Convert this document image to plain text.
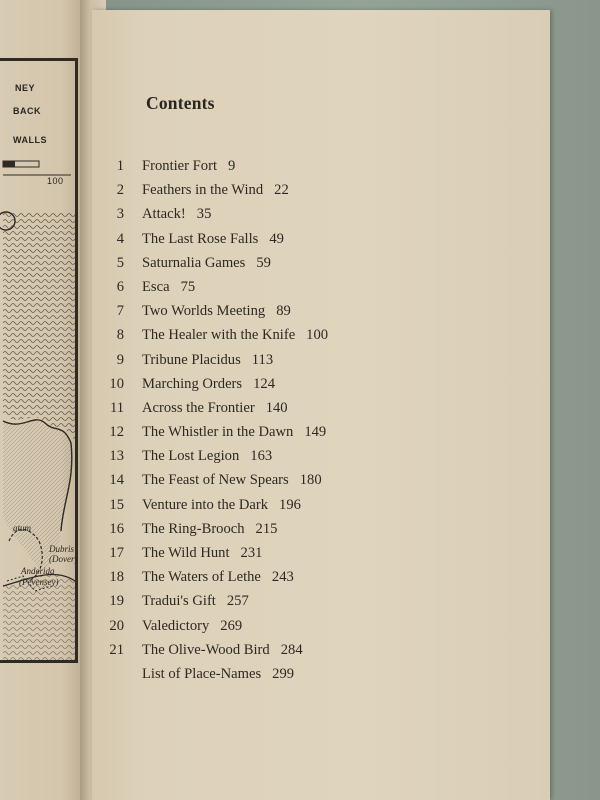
NEY
BACK
WALLS
100
atum
Dubris
(Dover)
Anderida
(Pevensey)
Contents
1 Frontier Fort 9
2 Feathers in the Wind 22
3 Attack! 35
4 The Last Rose Falls 49
5 Saturnalia Games 59
6 Esca 75
7 Two Worlds Meeting 89
8 The Healer with the Knife 100
9 Tribune Placidus 113
10 Marching Orders 124
11 Across the Frontier 140
12 The Whistler in the Dawn 149
13 The Lost Legion 163
14 The Feast of New Spears 180
15 Venture into the Dark 196
16 The Ring-Brooch 215
17 The Wild Hunt 231
18 The Waters of Lethe 243
19 Tradui's Gift 257
20 Valedictory 269
21 The Olive-Wood Bird 284
List of Place-Names 299
